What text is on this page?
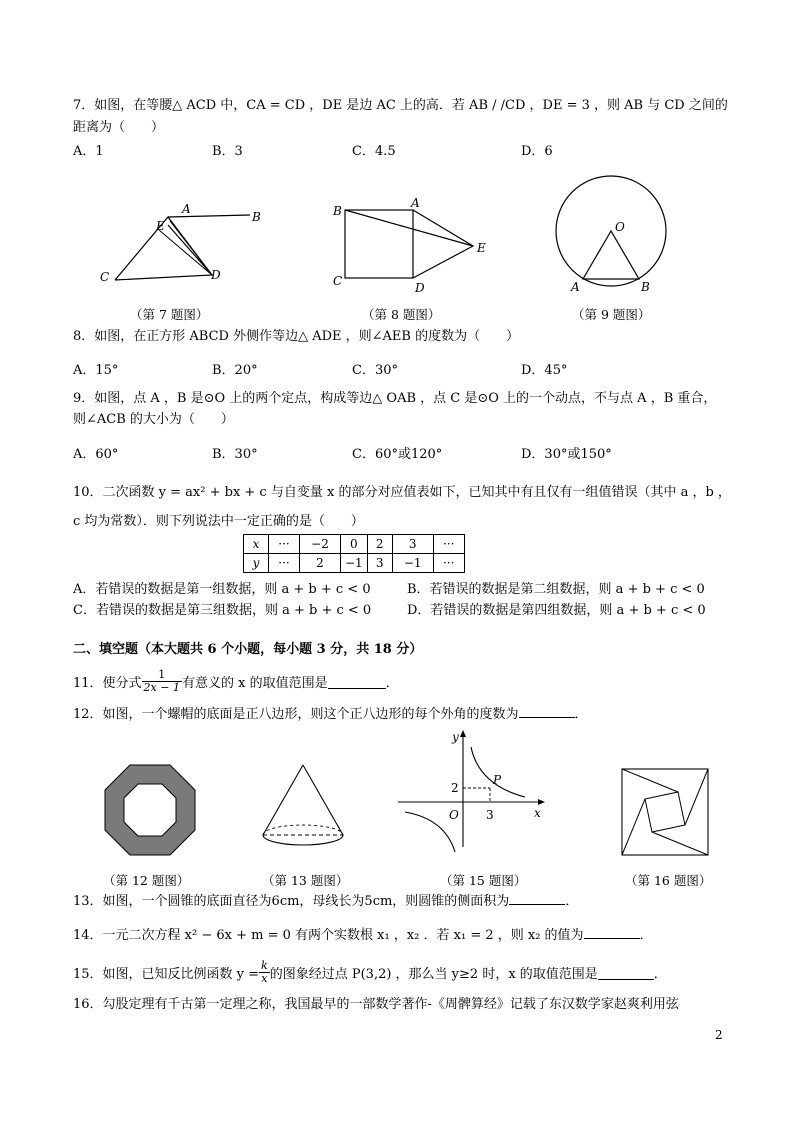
7．如图，在等腰△ ACD 中，CA = CD ，DE 是边 AC 上的高．若 AB / /CD ，DE = 3 ，则 AB 与 CD 之间的
距离为（　　）
A．1	B．3	C．4.5	D．6
A
B
C	D
E
B
A
C	D
E
O
A	B
（第 7 题图）	（第 8 题图）	（第 9 题图）
8．如图，在正方形 ABCD 外侧作等边△ ADE ，则∠AEB 的度数为（　　）
A．15°	B．20°	C．30°	D．45°
9．如图，点 A ，B 是⊙O 上的两个定点，构成等边△ OAB ，点 C 是⊙O 上的一个动点，不与点 A ，B 重合，
则∠ACB 的大小为（　　）
A．60°	B．30°	C．60°或120°	D．30°或150°
10．二次函数 y = ax² + bx + c 与自变量 x 的部分对应值表如下，已知其中有且仅有一组值错误（其中 a ，b ，
c 均为常数）．则下列说法中一定正确的是（　　）
x	···	−2	0	2	3	···
y	···	2	−1	3	−1	···
A．若错误的数据是第一组数据，则 a + b + c < 0	B．若错误的数据是第二组数据，则 a + b + c < 0
C．若错误的数据是第三组数据，则 a + b + c < 0	D．若错误的数据是第四组数据，则 a + b + c < 0
二、填空题（本大题共 6 个小题，每小题 3 分，共 18 分）
11．使分式 $\frac{1}{2x - 1}$ 有意义的 x 的取值范围是	．
12．如图，一个螺帽的底面是正八边形，则这个正八边形的每个外角的度数为	．
y
x
O
P
2
3
（第 12 题图）	（第 13 题图）	（第 15 题图）	（第 16 题图）
13．如图，一个圆锥的底面直径为6cm，母线长为5cm，则圆锥的侧面积为	．
14．一元二次方程 x² − 6x + m = 0 有两个实数根 x₁ ，x₂ ．若 x₁ = 2 ，则 x₂ 的值为	．
15．如图，已知反比例函数 $y = \frac{k}{x}$ 的图象经过点 P(3,2) ，那么当 y≥2 时，x 的取值范围是	．
16．勾股定理有千古第一定理之称，我国最早的一部数学著作-《周髀算经》记载了东汉数学家赵爽利用弦
2
